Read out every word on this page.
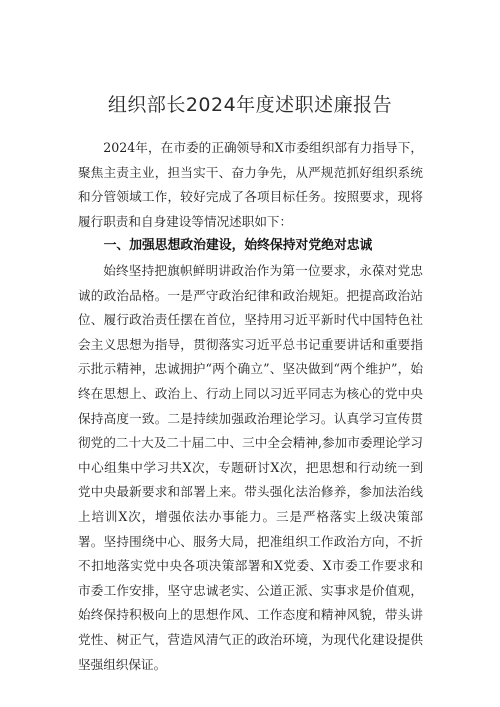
组织部长2024年度述职述廉报告

2024年，在市委的正确领导和X市委组织部有力指导下，聚焦主责主业，担当实干、奋力争先，从严规范抓好组织系统和分管领域工作，较好完成了各项目标任务。按照要求，现将履行职责和自身建设等情况述职如下：

一、加强思想政治建设，始终保持对党绝对忠诚

始终坚持把旗帜鲜明讲政治作为第一位要求，永葆对党忠诚的政治品格。一是严守政治纪律和政治规矩。把提高政治站位、履行政治责任摆在首位，坚持用习近平新时代中国特色社会主义思想为指导，贯彻落实习近平总书记重要讲话和重要指示批示精神，忠诚拥护“两个确立”、坚决做到“两个维护”，始终在思想上、政治上、行动上同以习近平同志为核心的党中央保持高度一致。二是持续加强政治理论学习。认真学习宣传贯彻党的二十大及二十届二中、三中全会精神,参加市委理论学习中心组集中学习共X次，专题研讨X次，把思想和行动统一到党中央最新要求和部署上来。带头强化法治修养，参加法治线上培训X次，增强依法办事能力。三是严格落实上级决策部署。坚持围绕中心、服务大局，把准组织工作政治方向，不折不扣地落实党中央各项决策部署和X党委、X市委工作要求和市委工作安排，坚守忠诚老实、公道正派、实事求是价值观，始终保持积极向上的思想作风、工作态度和精神风貌，带头讲党性、树正气，营造风清气正的政治环境，为现代化建设提供坚强组织保证。
